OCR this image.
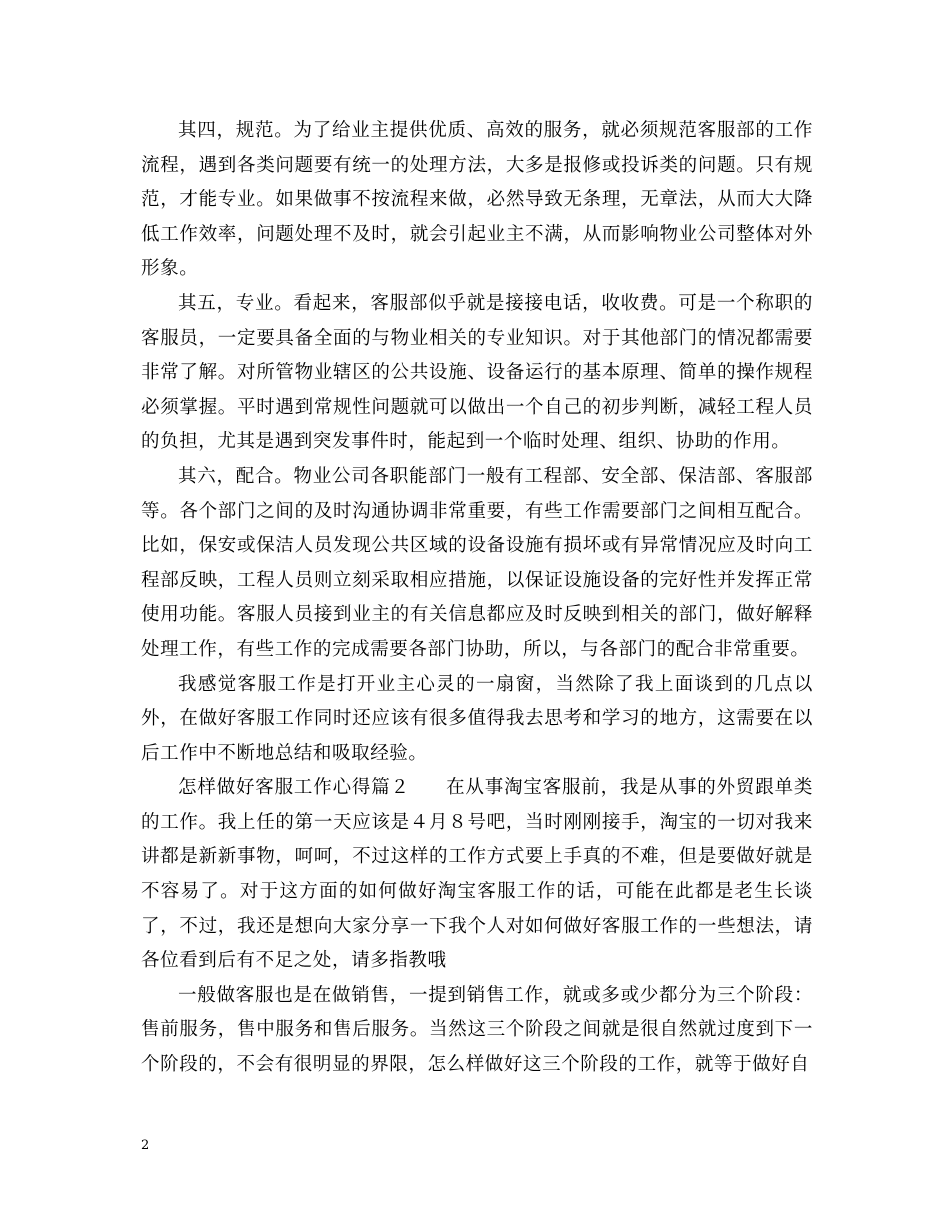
其四，规范。为了给业主提供优质、高效的服务，就必须规范客服部的工作流程，遇到各类问题要有统一的处理方法，大多是报修或投诉类的问题。只有规范，才能专业。如果做事不按流程来做，必然导致无条理，无章法，从而大大降低工作效率，问题处理不及时，就会引起业主不满，从而影响物业公司整体对外形象。

其五，专业。看起来，客服部似乎就是接接电话，收收费。可是一个称职的客服员，一定要具备全面的与物业相关的专业知识。对于其他部门的情况都需要非常了解。对所管物业辖区的公共设施、设备运行的基本原理、简单的操作规程必须掌握。平时遇到常规性问题就可以做出一个自己的初步判断，减轻工程人员的负担，尤其是遇到突发事件时，能起到一个临时处理、组织、协助的作用。

其六，配合。物业公司各职能部门一般有工程部、安全部、保洁部、客服部等。各个部门之间的及时沟通协调非常重要，有些工作需要部门之间相互配合。比如，保安或保洁人员发现公共区域的设备设施有损坏或有异常情况应及时向工程部反映，工程人员则立刻采取相应措施，以保证设施设备的完好性并发挥正常使用功能。客服人员接到业主的有关信息都应及时反映到相关的部门，做好解释处理工作，有些工作的完成需要各部门协助，所以，与各部门的配合非常重要。

我感觉客服工作是打开业主心灵的一扇窗，当然除了我上面谈到的几点以外，在做好客服工作同时还应该有很多值得我去思考和学习的地方，这需要在以后工作中不断地总结和吸取经验。

怎样做好客服工作心得篇２ 在从事淘宝客服前，我是从事的外贸跟单类的工作。我上任的第一天应该是４月８号吧，当时刚刚接手，淘宝的一切对我来讲都是新新事物，呵呵，不过这样的工作方式要上手真的不难，但是要做好就是不容易了。对于这方面的如何做好淘宝客服工作的话，可能在此都是老生长谈了，不过，我还是想向大家分享一下我个人对如何做好客服工作的一些想法，请各位看到后有不足之处，请多指教哦

一般做客服也是在做销售，一提到销售工作，就或多或少都分为三个阶段：售前服务，售中服务和售后服务。当然这三个阶段之间就是很自然就过度到下一个阶段的，不会有很明显的界限，怎么样做好这三个阶段的工作，就等于做好自

2
